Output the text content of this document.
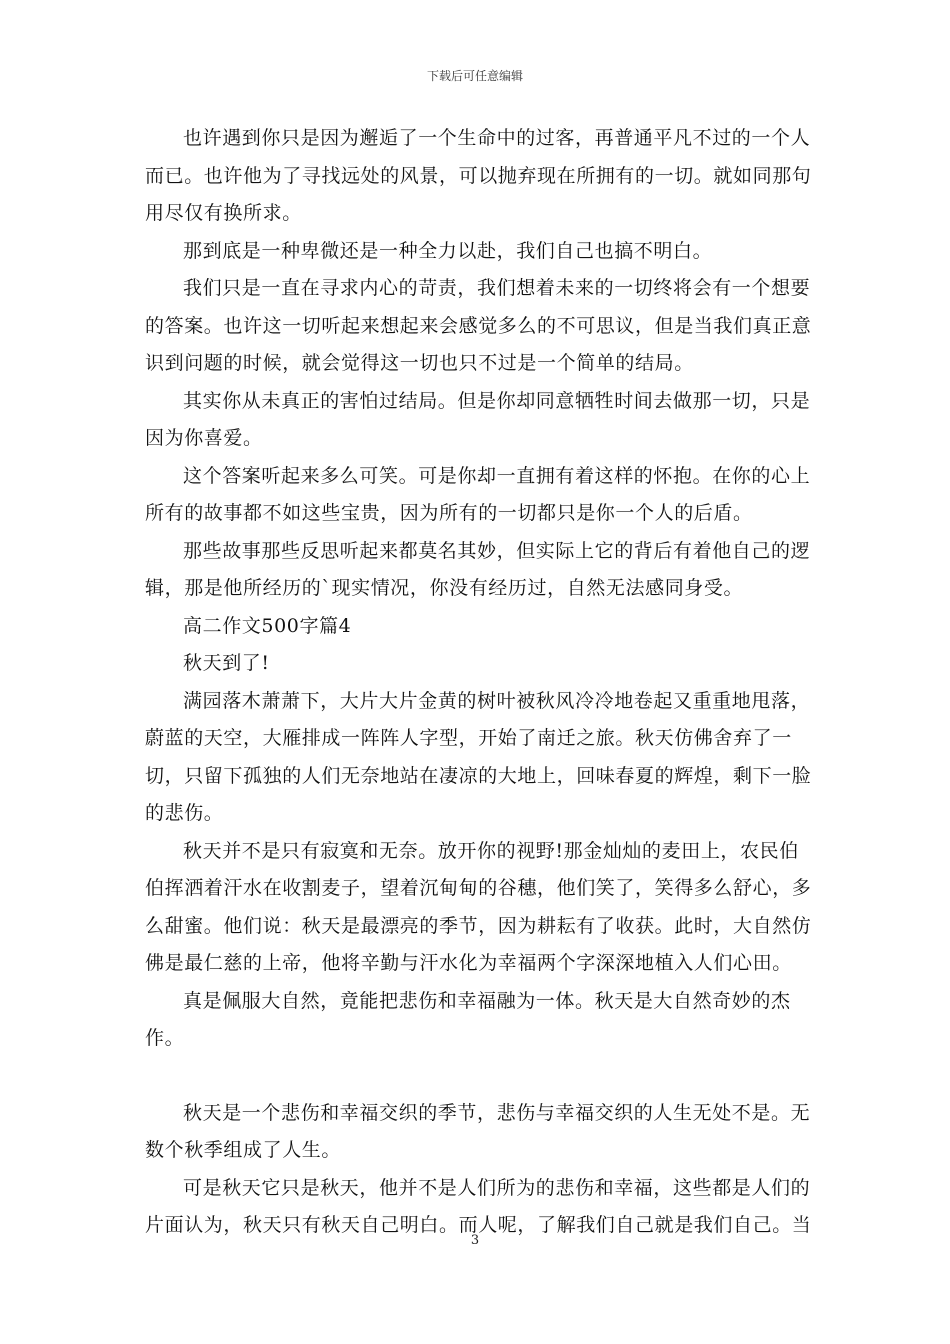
下载后可任意编辑

也许遇到你只是因为邂逅了一个生命中的过客，再普通平凡不过的一个人而已。也许他为了寻找远处的风景，可以抛弃现在所拥有的一切。就如同那句用尽仅有换所求。

那到底是一种卑微还是一种全力以赴，我们自己也搞不明白。

我们只是一直在寻求内心的苛责，我们想着未来的一切终将会有一个想要的答案。也许这一切听起来想起来会感觉多么的不可思议，但是当我们真正意识到问题的时候，就会觉得这一切也只不过是一个简单的结局。

其实你从未真正的害怕过结局。但是你却同意牺牲时间去做那一切，只是因为你喜爱。

这个答案听起来多么可笑。可是你却一直拥有着这样的怀抱。在你的心上所有的故事都不如这些宝贵，因为所有的一切都只是你一个人的后盾。

那些故事那些反思听起来都莫名其妙，但实际上它的背后有着他自己的逻辑，那是他所经历的`现实情况，你没有经历过，自然无法感同身受。

高二作文500字篇4

秋天到了!

满园落木萧萧下，大片大片金黄的树叶被秋风冷冷地卷起又重重地甩落，蔚蓝的天空，大雁排成一阵阵人字型，开始了南迁之旅。秋天仿佛舍弃了一切，只留下孤独的人们无奈地站在凄凉的大地上，回味春夏的辉煌，剩下一脸的悲伤。

秋天并不是只有寂寞和无奈。放开你的视野!那金灿灿的麦田上，农民伯伯挥洒着汗水在收割麦子，望着沉甸甸的谷穗，他们笑了，笑得多么舒心，多么甜蜜。他们说：秋天是最漂亮的季节，因为耕耘有了收获。此时，大自然仿佛是最仁慈的上帝，他将辛勤与汗水化为幸福两个字深深地植入人们心田。

真是佩服大自然，竟能把悲伤和幸福融为一体。秋天是大自然奇妙的杰作。

秋天是一个悲伤和幸福交织的季节，悲伤与幸福交织的人生无处不是。无数个秋季组成了人生。

可是秋天它只是秋天，他并不是人们所为的悲伤和幸福，这些都是人们的片面认为，秋天只有秋天自己明白。而人呢，了解我们自己就是我们自己。当

3
